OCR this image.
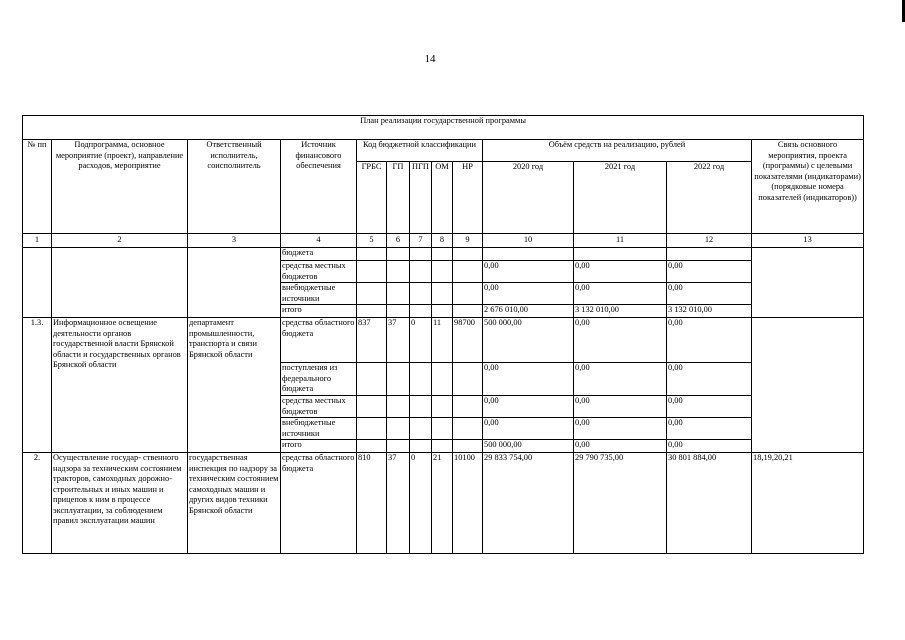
14
План реализации государственной программы												
№ пп	Подпрограмма, основное мероприятие (проект), направление расходов, мероприятие	Ответственный исполнитель, соисполнитель	Источник финансового обеспечения	Код бюджетной классификации					Объём средств на реализацию, рублей			Связь основного мероприятия, проекта (программы) с целевыми показателями (индикаторами) (порядковые номера показателей (индикаторов))
				ГРБС	ГП	ПГП	ОМ	НР	2020 год	2021 год	2022 год	
1	2	3	4	5	6	7	8	9	10	11	12	13
			бюджета									
			средства местных бюджетов						0,00	0,00	0,00	
			внебюджетные источники						0,00	0,00	0,00	
			итого						2 676 010,00	3 132 010,00	3 132 010,00	
1.3.	Информационное освещение деятельности органов государственной власти Брянской области и государственных органов Брянской области	департамент промышленности, транспорта и связи Брянской области	средства областного бюджета	837	37	0	11	98700	500 000,00	0,00	0,00	
			поступления из федерального бюджета						0,00	0,00	0,00	
			средства местных бюджетов						0,00	0,00	0,00	
			внебюджетные источники						0,00	0,00	0,00	
			итого						500 000,00	0,00	0,00	
2.	Осуществление государ- ственного надзора за техническим состоянием тракторов, самоходных дорожно-строительных и иных машин и прицепов к ним в процессе эксплуатации, за соблюдением правил эксплуатации машин	государственная инспекция по надзору за техническим состоянием самоходных машин и других видов техники Брянской области	средства областного бюджета	810	37	0	21	10100	29 833 754,00	29 790 735,00	30 801 884,00	18,19,20,21
